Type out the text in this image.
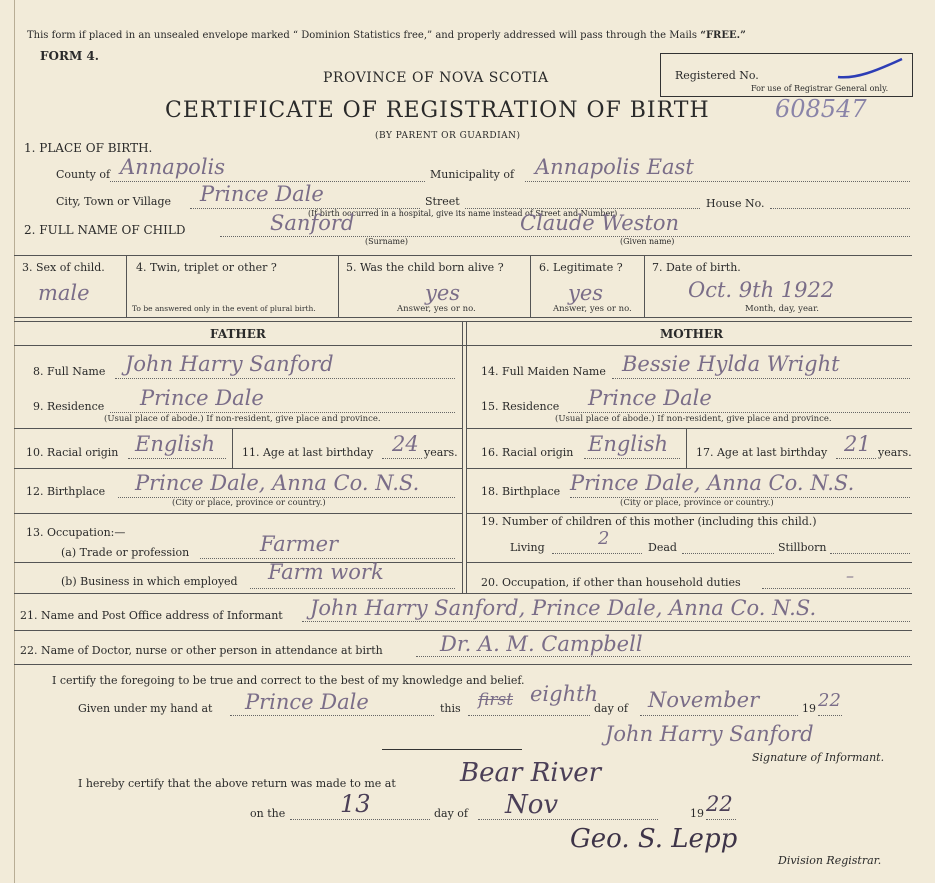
This form if placed in an unsealed envelope marked “ Dominion Statistics free,” and properly addressed will pass through the Mails “FREE.”
FORM 4.
PROVINCE OF NOVA SCOTIA
CERTIFICATE OF REGISTRATION OF BIRTH
(BY PARENT OR GUARDIAN)
608547
Registered No.
For use of Registrar General only.
1. PLACE OF BIRTH.
County of Annapolis	Municipality of Annapolis East
City, Town or Village Prince Dale	Street	House No.
(If birth occurred in a hospital, give its name instead of Street and Number)
2. FULL NAME OF CHILD	Sanford	Claude Weston
(Surname)	(Given name)
3. Sex of child.
male
4. Twin, triplet or other ?
To be answered only in the event of plural birth.
5. Was the child born alive ?
yes
Answer, yes or no.
6. Legitimate ?
yes
Answer, yes or no.
7. Date of birth.
Oct. 9th 1922
Month, day, year.
FATHER	MOTHER
8. Full Name John Harry Sanford
9. Residence Prince Dale
(Usual place of abode.) If non-resident, give place and province.
10. Racial origin English 11. Age at last birthday 24 years.
12. Birthplace Prince Dale, Anna Co. N.S.
(City or place, province or country.)
13. Occupation:—
(a) Trade or profession	Farmer
(b) Business in which employed Farm work
14. Full Maiden Name Bessie Hylda Wright
15. Residence Prince Dale
(Usual place of abode.) If non-resident, give place and province.
16. Racial origin English	17. Age at last birthday 21 years.
18. Birthplace Prince Dale, Anna Co. N.S.
(City or place, province or country.)
19. Number of children of this mother (including this child.)
Living	2	Dead	Stillborn
20. Occupation, if other than household duties	–
21. Name and Post Office address of Informant John Harry Sanford, Prince Dale, Anna Co. N.S.
22. Name of Doctor, nurse or other person in attendance at birth	Dr. A. M. Campbell
I certify the foregoing to be true and correct to the best of my knowledge and belief.
Given under my hand at Prince Dale	this first eighth
day of November	19 22
John Harry Sanford
Signature of Informant.
I hereby certify that the above return was made to me at Bear River
on the 13	day of Nov	19 22
Geo. S. Lepp
Division Registrar.
